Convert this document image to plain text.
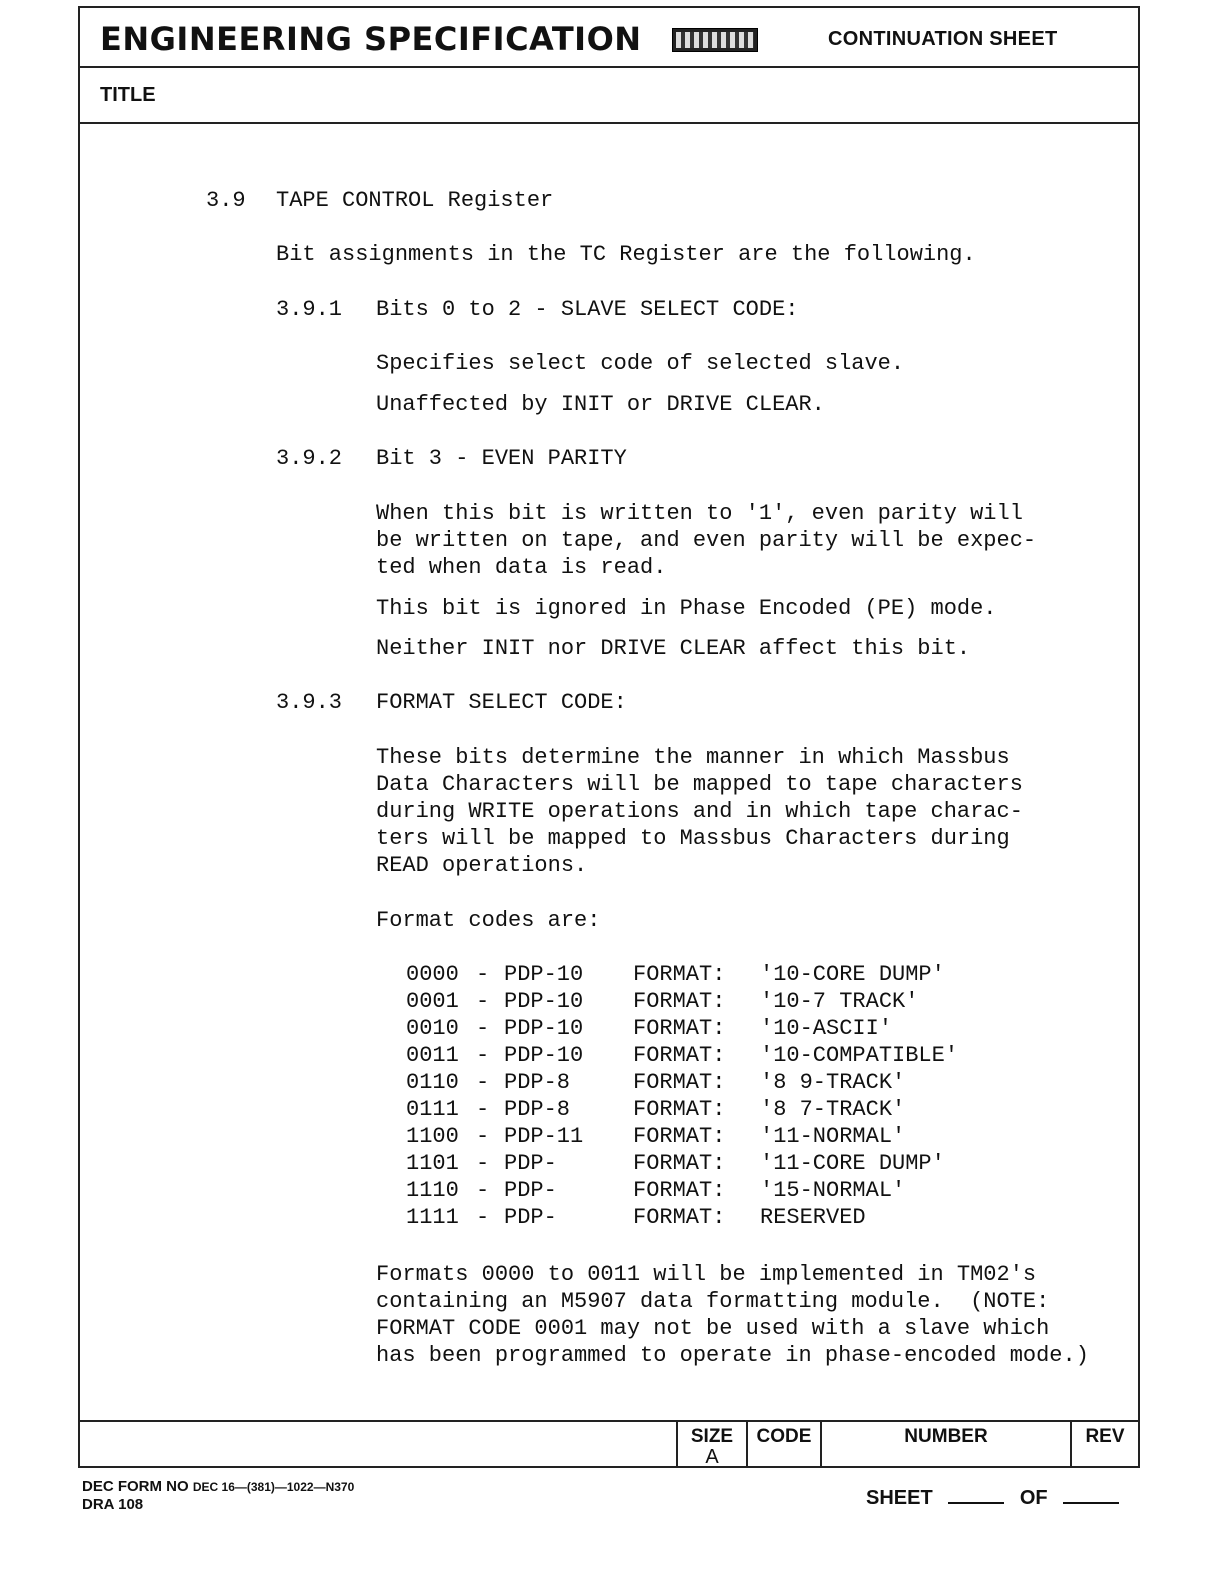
ENGINEERING SPECIFICATION	CONTINUATION SHEET
TITLE
3.9 TAPE CONTROL Register
Bit assignments in the TC Register are the following.
3.9.1 Bits 0 to 2 - SLAVE SELECT CODE:
Specifies select code of selected slave.
Unaffected by INIT or DRIVE CLEAR.
3.9.2 Bit 3 - EVEN PARITY
When this bit is written to '1', even parity will
be written on tape, and even parity will be expec-
ted when data is read.
This bit is ignored in Phase Encoded (PE) mode.
Neither INIT nor DRIVE CLEAR affect this bit.
3.9.3 FORMAT SELECT CODE:
These bits determine the manner in which Massbus
Data Characters will be mapped to tape characters
during WRITE operations and in which tape charac-
ters will be mapped to Massbus Characters during
READ operations.
Format codes are:
0000 - PDP-10 FORMAT: '10-CORE DUMP'
0001 - PDP-10 FORMAT: '10-7 TRACK'
0010 - PDP-10 FORMAT: '10-ASCII'
0011 - PDP-10 FORMAT: '10-COMPATIBLE'
0110 - PDP-8	FORMAT: '8 9-TRACK'
0111 - PDP-8	FORMAT: '8 7-TRACK'
1100 - PDP-11 FORMAT: '11-NORMAL'
1101 - PDP-	FORMAT: '11-CORE DUMP'
1110 - PDP-	FORMAT: '15-NORMAL'
1111 - PDP-	FORMAT: RESERVED
Formats 0000 to 0011 will be implemented in TM02's
containing an M5907 data formatting module.  (NOTE:
FORMAT CODE 0001 may not be used with a slave which
has been programmed to operate in phase-encoded mode.)
SIZE
A
CODE	NUMBER	REV
DEC FORM NO DEC 16—(381)—1022—N370
DRA 108	SHEET	OF
